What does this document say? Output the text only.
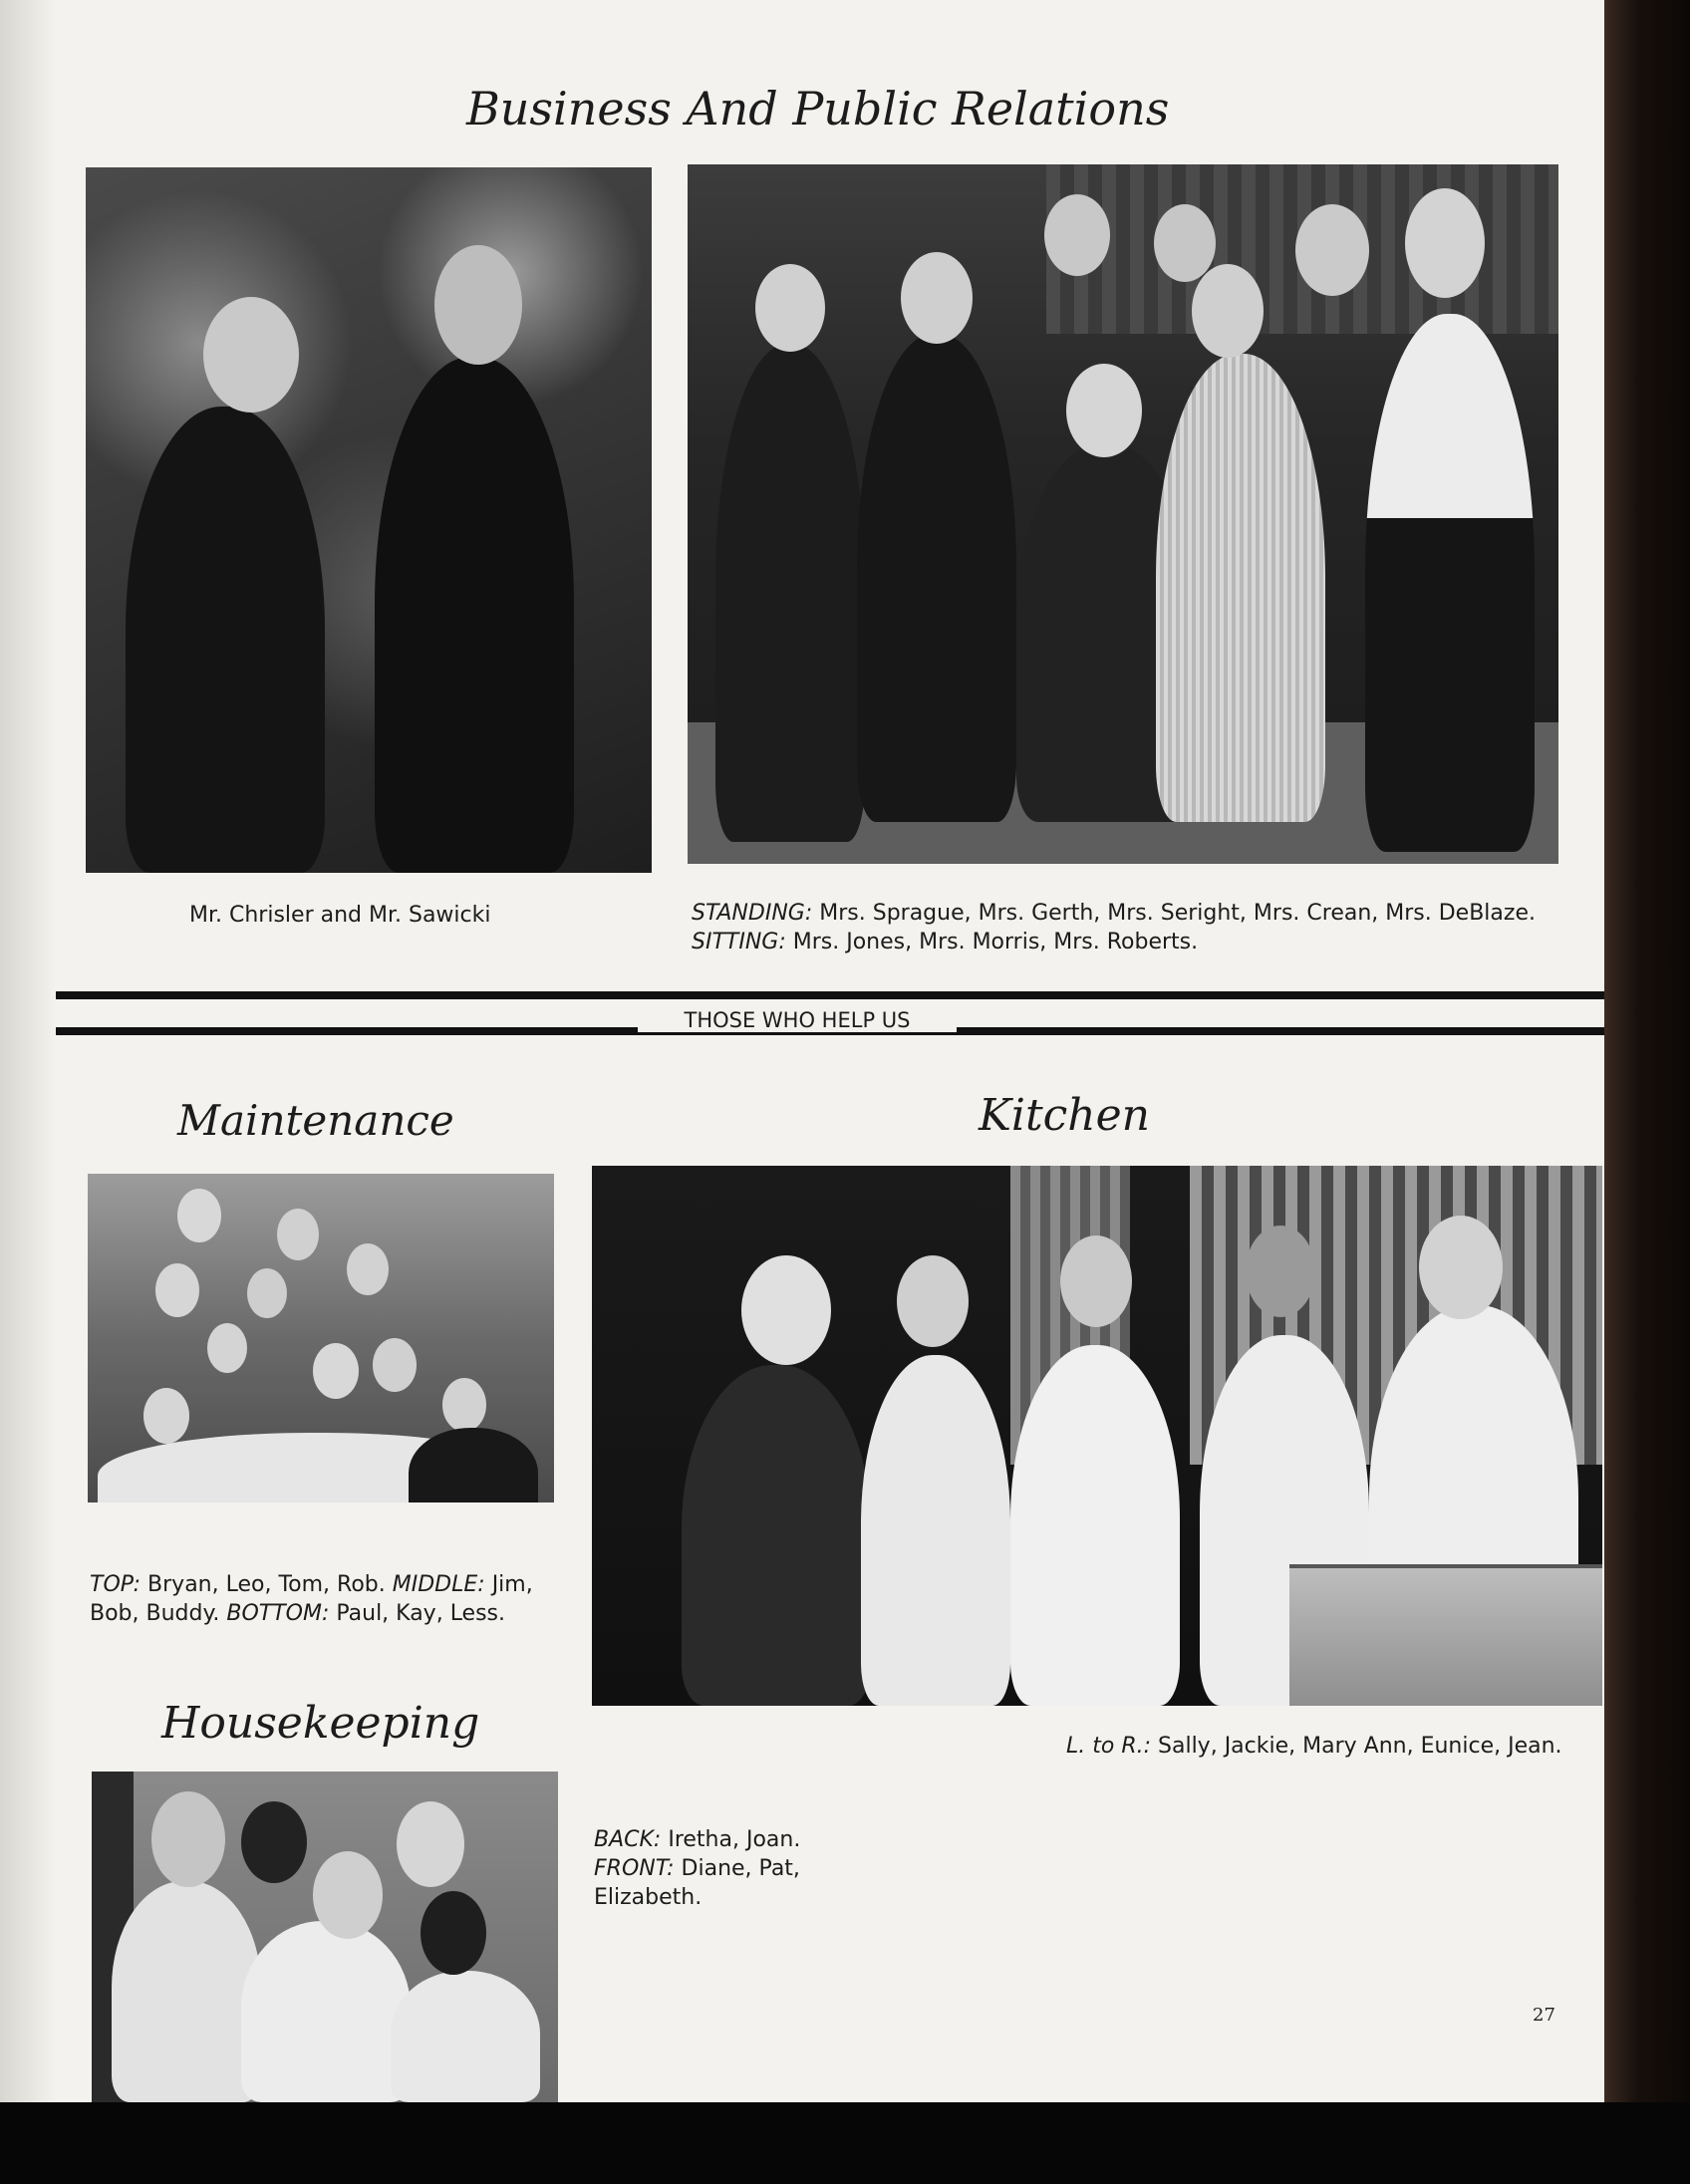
Business And Public Relations

Mr. Chrisler and Mr. Sawicki	STANDING: Mrs. Sprague, Mrs. Gerth, Mrs. Seright, Mrs. Crean, Mrs. DeBlaze. SITTING: Mrs. Jones, Mrs. Morris, Mrs. Roberts.

THOSE WHO HELP US
Maintenance

TOP: Bryan, Leo, Tom, Rob. MIDDLE: Jim, Bob, Buddy. BOTTOM: Paul, Kay, Less.

Kitchen

L. to R.: Sally, Jackie, Mary Ann, Eunice, Jean.

Housekeeping

BACK: Iretha, Joan.
FRONT: Diane, Pat, Elizabeth.

27
